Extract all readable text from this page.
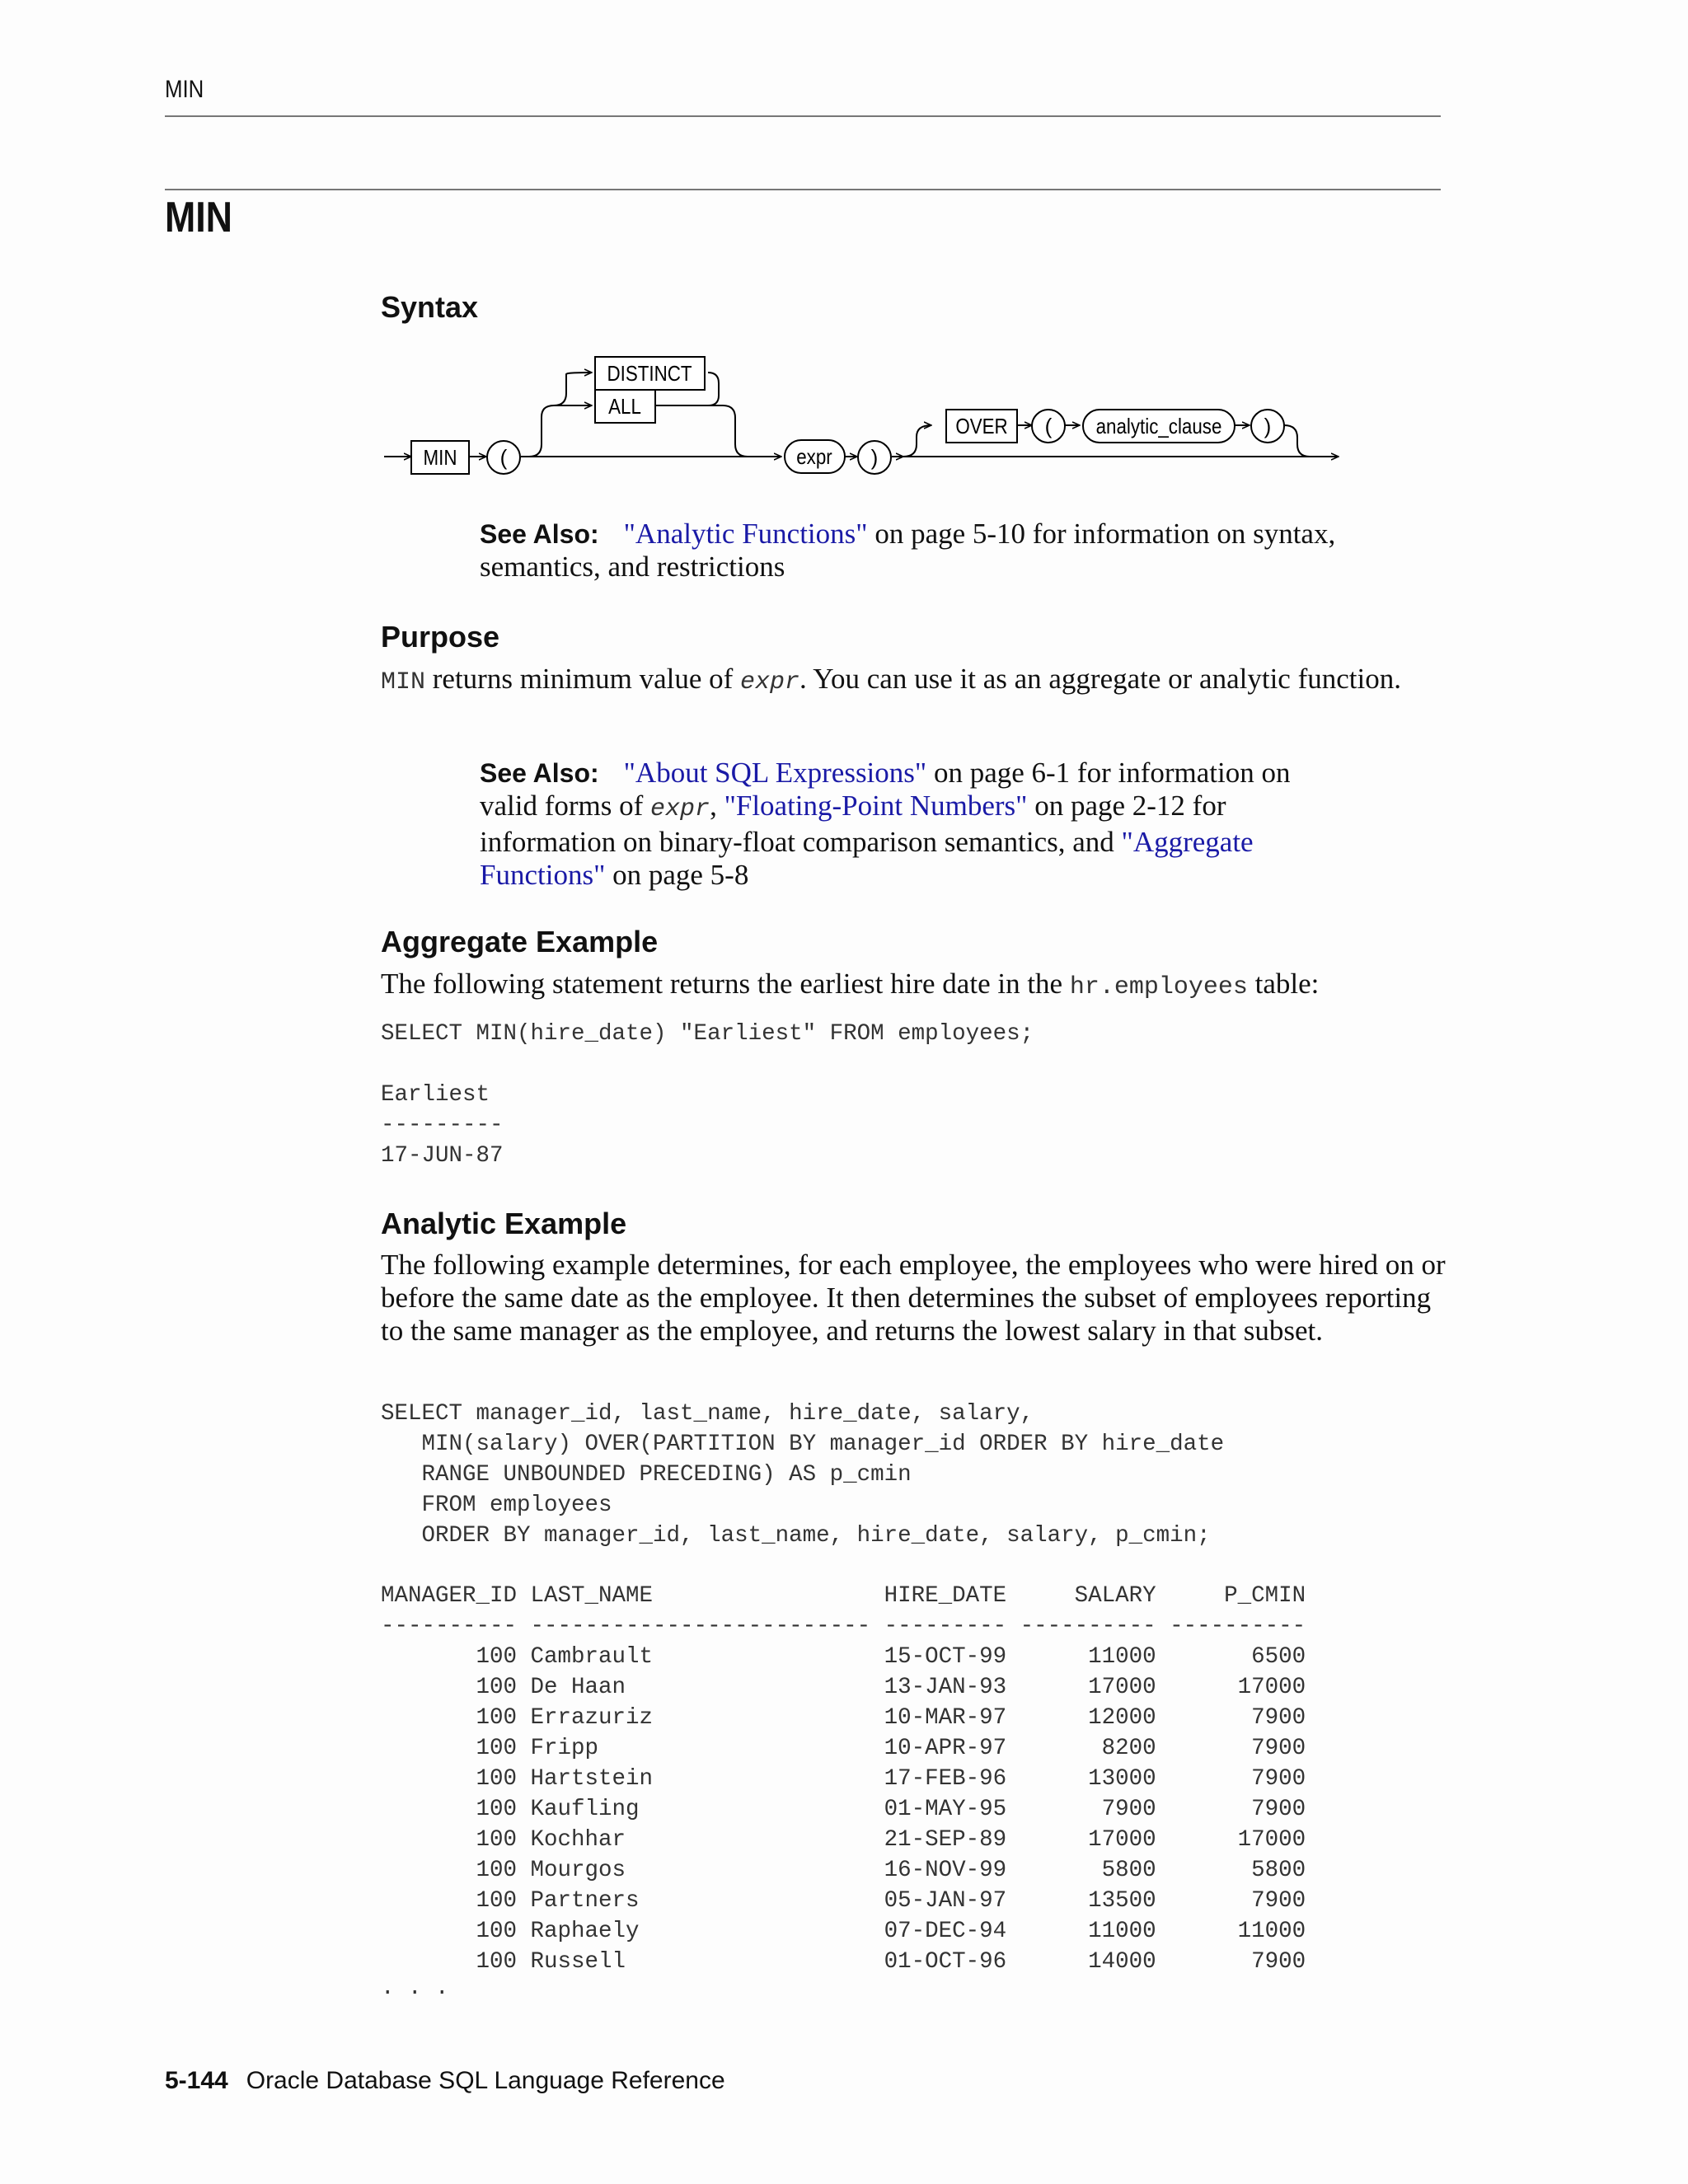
MIN
MIN
Syntax
MIN (
DISTINCT
ALL
expr )
OVER ( analytic_clause )

See Also: "Analytic Functions" on page 5-10 for information on syntax, semantics, and restrictions

Purpose

MIN returns minimum value of expr. You can use it as an aggregate or analytic function.

See Also: "About SQL Expressions" on page 6-1 for information on valid forms of expr, "Floating-Point Numbers" on page 2-12 for information on binary-float comparison semantics, and "Aggregate Functions" on page 5-8

Aggregate Example

The following statement returns the earliest hire date in the hr.employees table:

SELECT MIN(hire_date) "Earliest" FROM employees;

Earliest
---------
17-JUN-87
Analytic Example

The following example determines, for each employee, the employees who were hired on or before the same date as the employee. It then determines the subset of employees reporting to the same manager as the employee, and returns the lowest salary in that subset.

SELECT manager_id, last_name, hire_date, salary,
MIN(salary) OVER(PARTITION BY manager_id ORDER BY hire_date
RANGE UNBOUNDED PRECEDING) AS p_cmin
FROM employees
ORDER BY manager_id, last_name, hire_date, salary, p_cmin;
MANAGER_ID LAST_NAME                 HIRE_DATE     SALARY     P_CMIN
---------- ------------------------- --------- ---------- ----------
100 Cambrault                 15-OCT-99      11000       6500
100 De Haan                   13-JAN-93      17000      17000
100 Errazuriz                 10-MAR-97      12000       7900
100 Fripp                     10-APR-97       8200       7900
100 Hartstein                 17-FEB-96      13000       7900
100 Kaufling                  01-MAY-95       7900       7900
100 Kochhar                   21-SEP-89      17000      17000
100 Mourgos                   16-NOV-99       5800       5800
100 Partners                  05-JAN-97      13500       7900
100 Raphaely                  07-DEC-94      11000      11000
100 Russell                   01-OCT-96      14000       7900
. . .
5-144 Oracle Database SQL Language Reference
